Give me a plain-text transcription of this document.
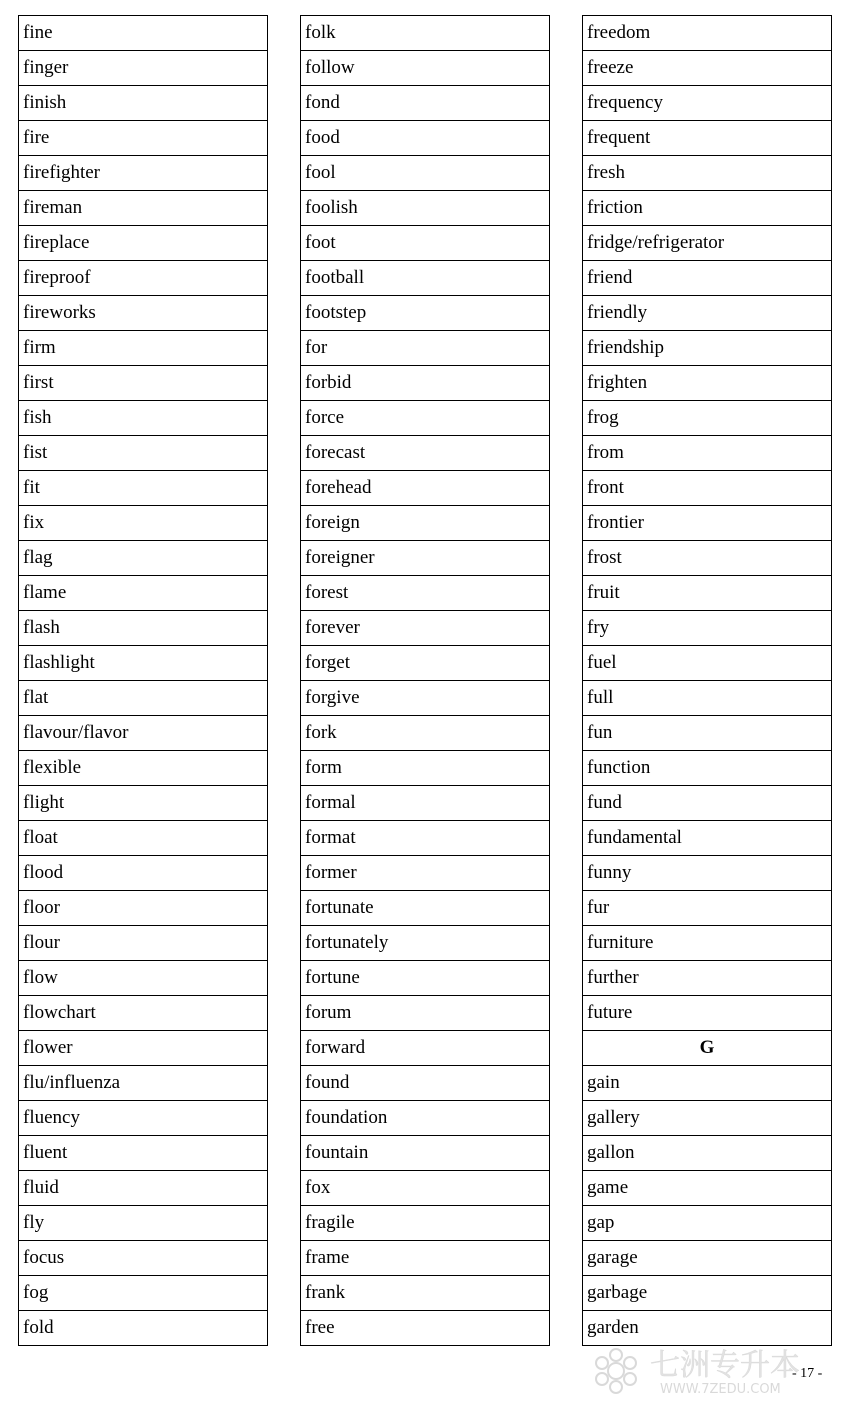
fine
finger
finish
fire
firefighter
fireman
fireplace
fireproof
fireworks
firm
first
fish
fist
fit
fix
flag
flame
flash
flashlight
flat
flavour/flavor
flexible
flight
float
flood
floor
flour
flow
flowchart
flower
flu/influenza
fluency
fluent
fluid
fly
focus
fog
fold
folk
follow
fond
food
fool
foolish
foot
football
footstep
for
forbid
force
forecast
forehead
foreign
foreigner
forest
forever
forget
forgive
fork
form
formal
format
former
fortunate
fortunately
fortune
forum
forward
found
foundation
fountain
fox
fragile
frame
frank
free
freedom
freeze
frequency
frequent
fresh
friction
fridge/refrigerator
friend
friendly
friendship
frighten
frog
from
front
frontier
frost
fruit
fry
fuel
full
fun
function
fund
fundamental
funny
fur
furniture
further
future
G
gain
gallery
gallon
game
gap
garage
garbage
garden
七洲专升本
WWW.7ZEDU.COM
- 17 -
